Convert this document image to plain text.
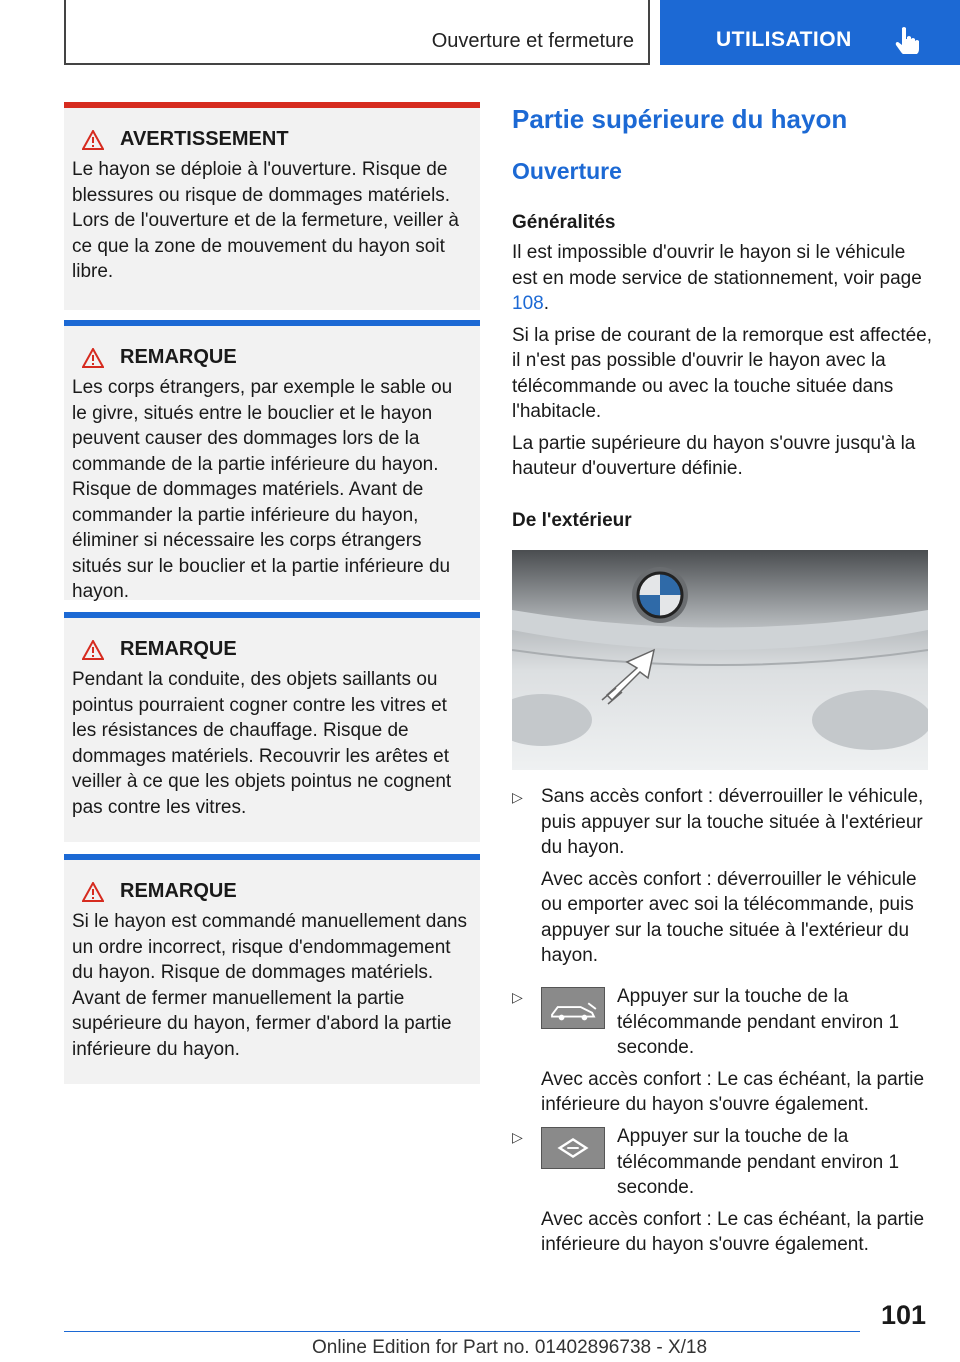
Ouverture et fermeture	UTILISATION
AVERTISSEMENT
Le hayon se déploie à l'ouverture. Risque de blessures ou risque de dommages matériels. Lors de l'ouverture et de la fermeture, veiller à ce que la zone de mouvement du hayon soit libre.
REMARQUE
Les corps étrangers, par exemple le sable ou le givre, situés entre le bouclier et le hayon peuvent causer des dommages lors de la commande de la partie inférieure du hayon. Risque de dommages matériels. Avant de commander la partie inférieure du hayon, éliminer si nécessaire les corps étrangers situés sur le bouclier et la partie inférieure du hayon.
REMARQUE
Pendant la conduite, des objets saillants ou pointus pourraient cogner contre les vitres et les résistances de chauffage. Risque de dommages matériels. Recouvrir les arêtes et veiller à ce que les objets pointus ne cognent pas contre les vitres.
REMARQUE
Si le hayon est commandé manuellement dans un ordre incorrect, risque d'endommagement du hayon. Risque de dommages matériels. Avant de fermer manuellement la partie supérieure du hayon, fermer d'abord la partie inférieure du hayon.
Partie supérieure du hayon
Ouverture
Généralités
Il est impossible d'ouvrir le hayon si le véhicule est en mode service de stationnement, voir page 108.
Si la prise de courant de la remorque est affectée, il n'est pas possible d'ouvrir le hayon avec la télécommande ou avec la touche située dans l'habitacle.
La partie supérieure du hayon s'ouvre jusqu'à la hauteur d'ouverture définie.
De l'extérieur
▷ Sans accès confort : déverrouiller le véhicule, puis appuyer sur la touche située à l'extérieur du hayon.
Avec accès confort : déverrouiller le véhicule ou emporter avec soi la télécommande, puis appuyer sur la touche située à l'extérieur du hayon.
▷	Appuyer sur la touche de la télécommande pendant environ 1 seconde.
Avec accès confort : Le cas échéant, la partie inférieure du hayon s'ouvre également.
▷	Appuyer sur la touche de la télécommande pendant environ 1 seconde.
Avec accès confort : Le cas échéant, la partie inférieure du hayon s'ouvre également.
101
Online Edition for Part no. 01402896738 - X/18
